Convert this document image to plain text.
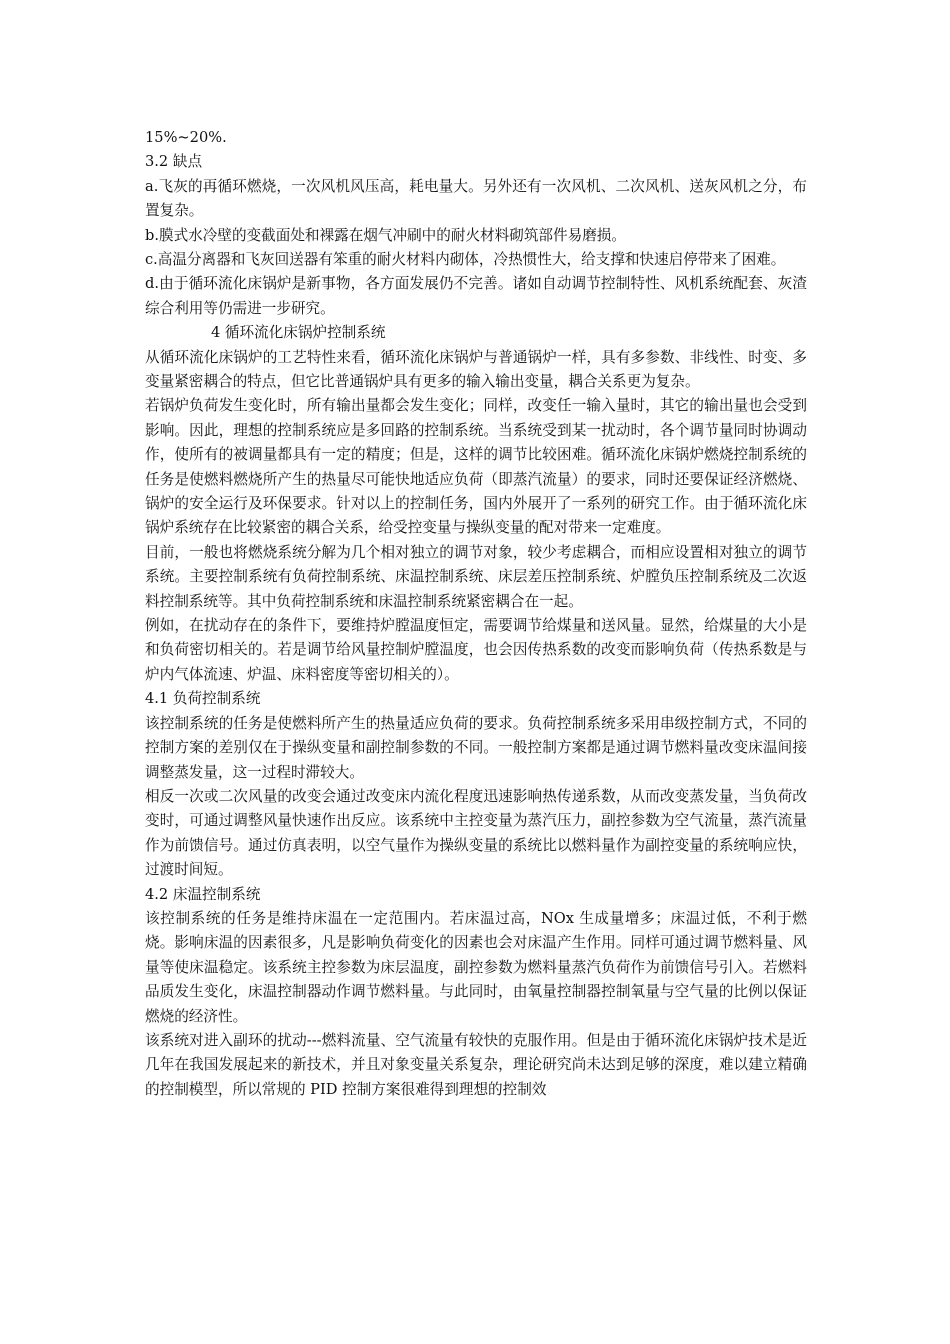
15%~20%.
3.2 缺点

a.飞灰的再循环燃烧，一次风机风压高，耗电量大。另外还有一次风机、二次风机、送灰风机之分，布置复杂。

b.膜式水冷壁的变截面处和裸露在烟气冲刷中的耐火材料砌筑部件易磨损。

c.高温分离器和飞灰回送器有笨重的耐火材料内砌体，冷热惯性大，给支撑和快速启停带来了困难。

d.由于循环流化床锅炉是新事物，各方面发展仍不完善。诸如自动调节控制特性、风机系统配套、灰渣综合利用等仍需进一步研究。

4 循环流化床锅炉控制系统

从循环流化床锅炉的工艺特性来看，循环流化床锅炉与普通锅炉一样，具有多参数、非线性、时变、多变量紧密耦合的特点，但它比普通锅炉具有更多的输入输出变量，耦合关系更为复杂。

若锅炉负荷发生变化时，所有输出量都会发生变化；同样，改变任一输入量时，其它的输出量也会受到影响。因此，理想的控制系统应是多回路的控制系统。当系统受到某一扰动时，各个调节量同时协调动作，使所有的被调量都具有一定的精度；但是，这样的调节比较困难。循环流化床锅炉燃烧控制系统的任务是使燃料燃烧所产生的热量尽可能快地适应负荷（即蒸汽流量）的要求，同时还要保证经济燃烧、锅炉的安全运行及环保要求。针对以上的控制任务，国内外展开了一系列的研究工作。由于循环流化床锅炉系统存在比较紧密的耦合关系，给受控变量与操纵变量的配对带来一定难度。

目前，一般也将燃烧系统分解为几个相对独立的调节对象，较少考虑耦合，而相应设置相对独立的调节系统。主要控制系统有负荷控制系统、床温控制系统、床层差压控制系统、炉膛负压控制系统及二次返料控制系统等。其中负荷控制系统和床温控制系统紧密耦合在一起。

例如，在扰动存在的条件下，要维持炉膛温度恒定，需要调节给煤量和送风量。显然，给煤量的大小是和负荷密切相关的。若是调节给风量控制炉膛温度，也会因传热系数的改变而影响负荷（传热系数是与炉内气体流速、炉温、床料密度等密切相关的）。

4.1 负荷控制系统

该控制系统的任务是使燃料所产生的热量适应负荷的要求。负荷控制系统多采用串级控制方式，不同的控制方案的差别仅在于操纵变量和副控制参数的不同。一般控制方案都是通过调节燃料量改变床温间接调整蒸发量，这一过程时滞较大。

相反一次或二次风量的改变会通过改变床内流化程度迅速影响热传递系数，从而改变蒸发量，当负荷改变时，可通过调整风量快速作出反应。该系统中主控变量为蒸汽压力，副控参数为空气流量，蒸汽流量作为前馈信号。通过仿真表明，以空气量作为操纵变量的系统比以燃料量作为副控变量的系统响应快，过渡时间短。

4.2 床温控制系统

该控制系统的任务是维持床温在一定范围内。若床温过高，NOx 生成量增多；床温过低，不利于燃烧。影响床温的因素很多，凡是影响负荷变化的因素也会对床温产生作用。同样可通过调节燃料量、风量等使床温稳定。该系统主控参数为床层温度，副控参数为燃料量蒸汽负荷作为前馈信号引入。若燃料品质发生变化，床温控制器动作调节燃料量。与此同时，由氧量控制器控制氧量与空气量的比例以保证燃烧的经济性。

该系统对进入副环的扰动---燃料流量、空气流量有较快的克服作用。但是由于循环流化床锅炉技术是近几年在我国发展起来的新技术，并且对象变量关系复杂，理论研究尚未达到足够的深度，难以建立精确的控制模型，所以常规的 PID 控制方案很难得到理想的控制效
